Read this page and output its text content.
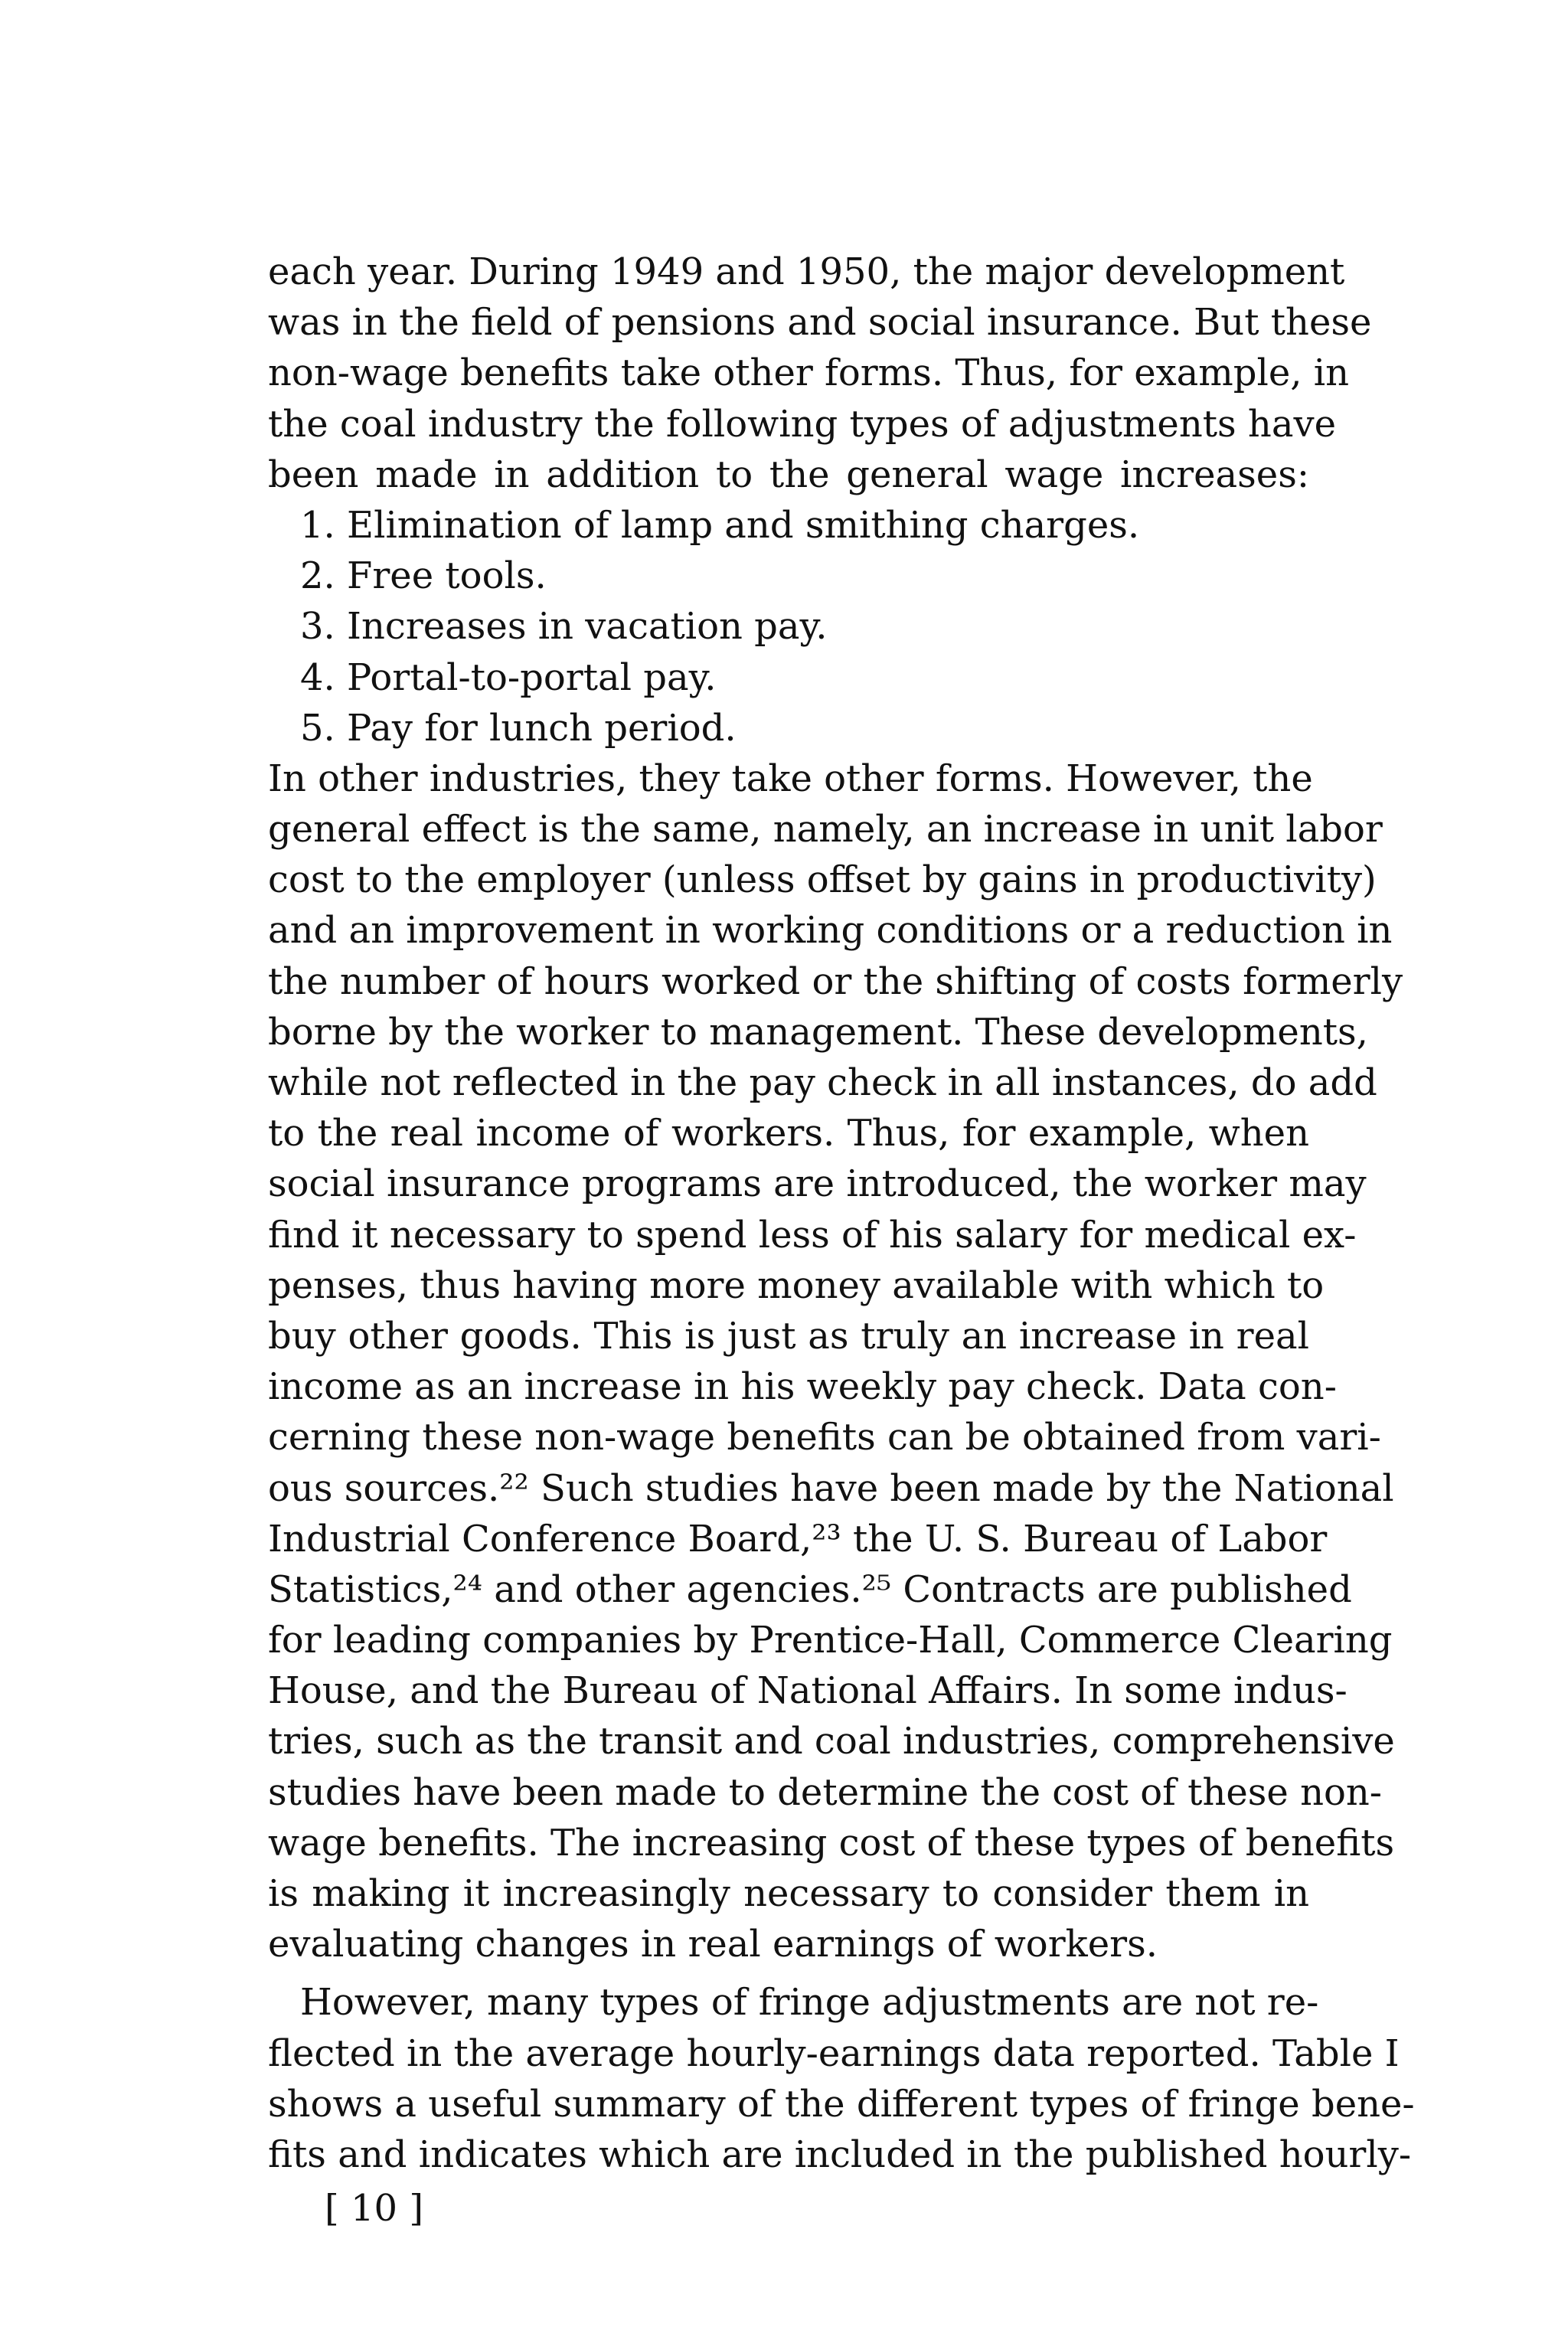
each year. During 1949 and 1950, the major development
was in the field of pensions and social insurance. But these
non-wage benefits take other forms. Thus, for example, in
the coal industry the following types of adjustments have
been made in addition to the general wage increases:
1. Elimination of lamp and smithing charges.
2. Free tools.
3. Increases in vacation pay.
4. Portal-to-portal pay.
5. Pay for lunch period.
In other industries, they take other forms. However, the
general effect is the same, namely, an increase in unit labor
cost to the employer (unless offset by gains in productivity)
and an improvement in working conditions or a reduction in
the number of hours worked or the shifting of costs formerly
borne by the worker to management. These developments,
while not reflected in the pay check in all instances, do add
to the real income of workers. Thus, for example, when
social insurance programs are introduced, the worker may
find it necessary to spend less of his salary for medical ex-
penses, thus having more money available with which to
buy other goods. This is just as truly an increase in real
income as an increase in his weekly pay check. Data con-
cerning these non-wage benefits can be obtained from vari-
ous sources.²² Such studies have been made by the National
Industrial Conference Board,²³ the U. S. Bureau of Labor
Statistics,²⁴ and other agencies.²⁵ Contracts are published
for leading companies by Prentice-Hall, Commerce Clearing
House, and the Bureau of National Affairs. In some indus-
tries, such as the transit and coal industries, comprehensive
studies have been made to determine the cost of these non-
wage benefits. The increasing cost of these types of benefits
is making it increasingly necessary to consider them in
evaluating changes in real earnings of workers.
However, many types of fringe adjustments are not re-
flected in the average hourly-earnings data reported. Table I
shows a useful summary of the different types of fringe bene-
fits and indicates which are included in the published hourly-
[ 10 ]
